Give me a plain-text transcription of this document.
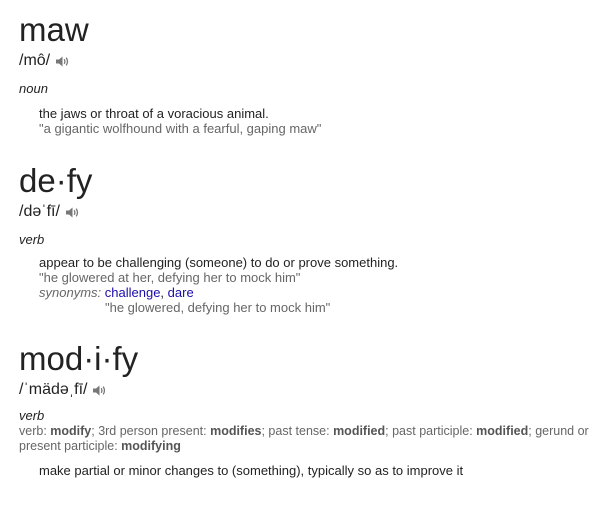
maw
/mô/
noun
the jaws or throat of a voracious animal.
"a gigantic wolfhound with a fearful, gaping maw"
de·fy
/dəˈfī/
verb
appear to be challenging (someone) to do or prove something.
"he glowered at her, defying her to mock him"
synonyms: challenge, dare
"he glowered, defying her to mock him"
mod·i·fy
/ˈmädəˌfī/
verb
verb: modify; 3rd person present: modifies; past tense: modified; past participle: modified; gerund or present participle: modifying
make partial or minor changes to (something), typically so as to improve it
